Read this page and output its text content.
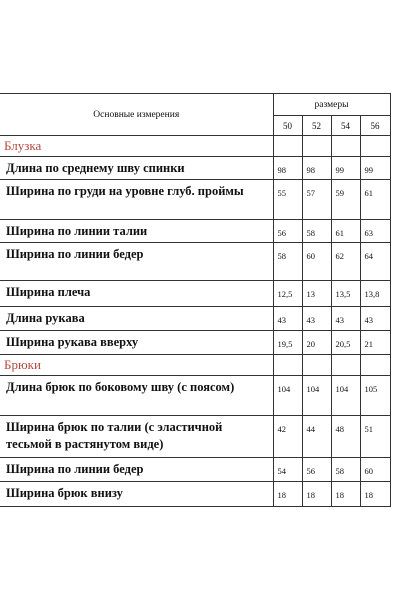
Основные измерения	размеры			
	50	52	54	56
Блузка				
Длина по среднему шву спинки	98	98	99	99
Ширина по груди на уровне глуб. проймы	55	57	59	61
Ширина по линии талии	56	58	61	63
Ширина по линии бедер	58	60	62	64
Ширина плеча	12,5	13	13,5	13,8
Длина рукава	43	43	43	43
Ширина рукава вверху	19,5	20	20,5	21
Брюки				
Длина брюк по боковому шву (с поясом)	104	104	104	105
Ширина брюк по талии (с эластичной тесьмой в растянутом виде)	42	44	48	51
Ширина по линии бедер	54	56	58	60
Ширина брюк внизу	18	18	18	18
